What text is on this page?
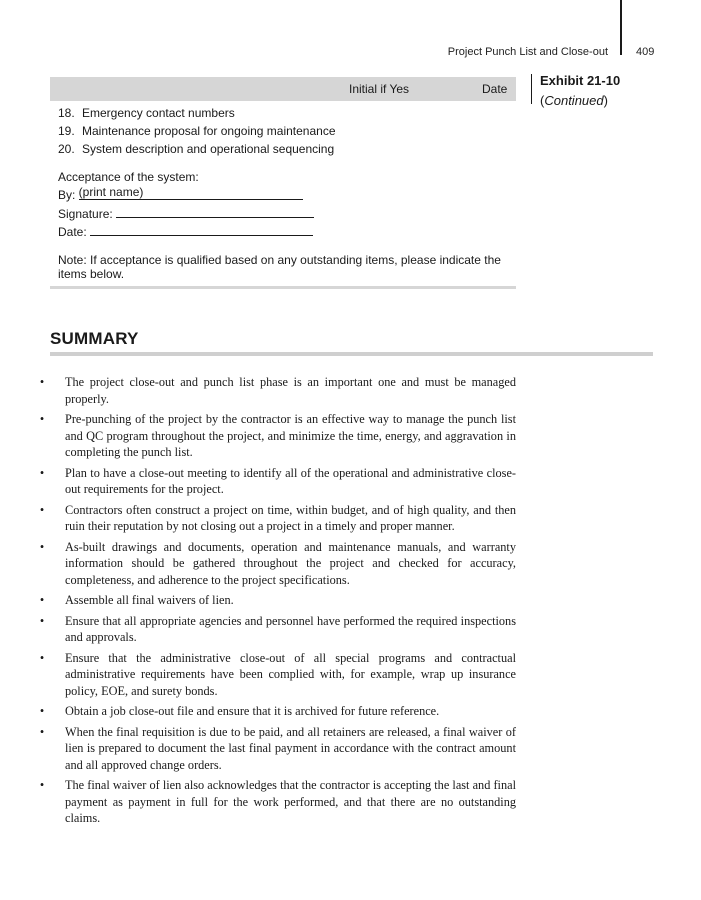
Project Punch List and Close-out	409
Exhibit 21-10
(Continued)
Initial if Yes	Date
18. Emergency contact numbers
19. Maintenance proposal for ongoing maintenance
20. System description and operational sequencing
Acceptance of the system:
By: (print name)
Signature:
Date:
Note: If acceptance is qualified based on any outstanding items, please indicate the items below.
SUMMARY
•	The project close-out and punch list phase is an important one and must be managed properly.
•	Pre-punching of the project by the contractor is an effective way to manage the punch list and QC program throughout the project, and minimize the time, energy, and aggravation in completing the punch list.
•	Plan to have a close-out meeting to identify all of the operational and administrative close-out requirements for the project.
•	Contractors often construct a project on time, within budget, and of high quality, and then ruin their reputation by not closing out a project in a timely and proper manner.
•	As-built drawings and documents, operation and maintenance manuals, and warranty information should be gathered throughout the project and checked for accuracy, completeness, and adherence to the project specifications.
•	Assemble all final waivers of lien.
•	Ensure that all appropriate agencies and personnel have performed the required inspections and approvals.
•	Ensure that the administrative close-out of all special programs and contractual administrative requirements have been complied with, for example, wrap up insurance policy, EOE, and surety bonds.
•	Obtain a job close-out file and ensure that it is archived for future reference.
•	When the final requisition is due to be paid, and all retainers are released, a final waiver of lien is prepared to document the last final payment in accordance with the contract amount and all approved change orders.
•	The final waiver of lien also acknowledges that the contractor is accepting the last and final payment as payment in full for the work performed, and that there are no outstanding claims.
